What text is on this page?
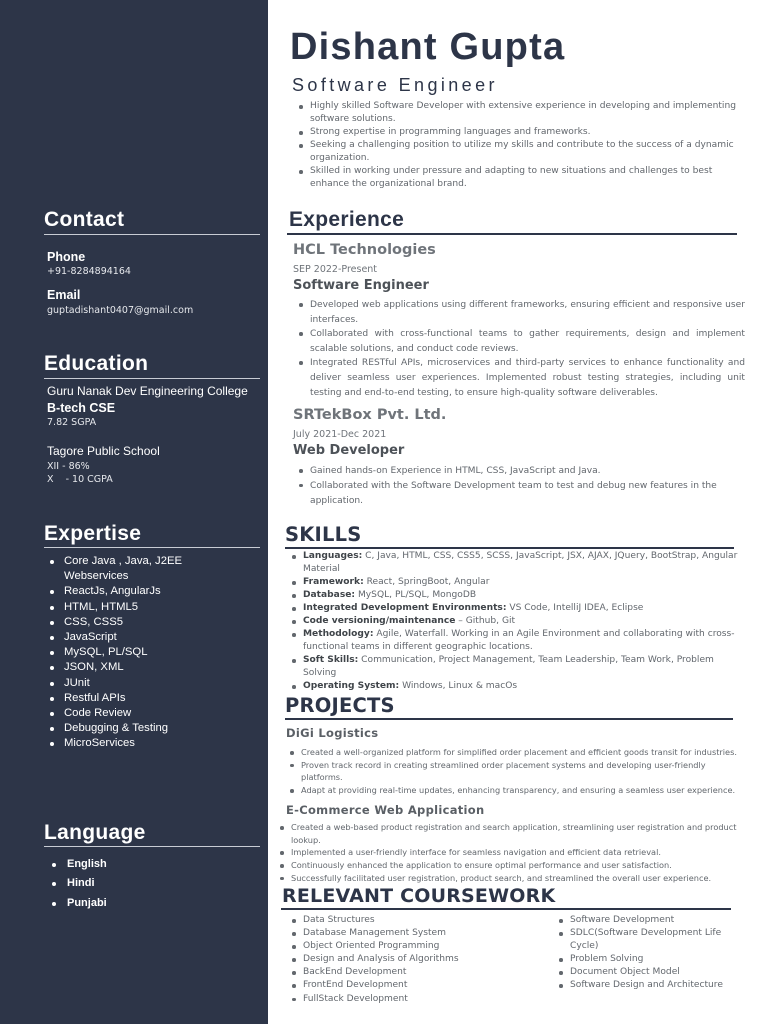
Contact
Phone
+91-8284894164
Email
guptadishant0407@gmail.com
Education
Guru Nanak Dev Engineering College
B-tech CSE
7.82 SGPA
Tagore Public School
XII - 86%
X    - 10 CGPA
Expertise
Core Java , Java, J2EE Webservices
ReactJs, AngularJs
HTML, HTML5
CSS, CSS5
JavaScript
MySQL, PL/SQL
JSON, XML
JUnit
Restful APIs
Code Review
Debugging & Testing
MicroServices
Language
English
Hindi
Punjabi
Dishant Gupta
Software Engineer
Highly skilled Software Developer with extensive experience in developing and implementing software solutions.
Strong expertise in programming languages and frameworks.
Seeking a challenging position to utilize my skills and contribute to the success of a dynamic organization.
Skilled in working under pressure and adapting to new situations and challenges to best enhance the organizational brand.
Experience
HCL Technologies
SEP 2022-Present
Software Engineer
Developed web applications using different frameworks, ensuring efficient and responsive user interfaces.
Collaborated with cross-functional teams to gather requirements, design and implement scalable solutions, and conduct code reviews.
Integrated RESTful APIs, microservices and third-party services to enhance functionality and deliver seamless user experiences. Implemented robust testing strategies, including unit testing and end-to-end testing, to ensure high-quality software deliverables.
SRTekBox Pvt. Ltd.
July 2021-Dec 2021
Web Developer
Gained hands-on Experience in HTML, CSS, JavaScript and Java.
Collaborated with the Software Development team to test and debug new features in the application.
SKILLS
Languages: C, Java, HTML, CSS, CSS5, SCSS, JavaScript, JSX, AJAX, JQuery, BootStrap, Angular Material
Framework: React, SpringBoot, Angular
Database: MySQL, PL/SQL, MongoDB
Integrated Development Environments: VS Code, IntelliJ IDEA, Eclipse
Code versioning/maintenance – Github, Git
Methodology: Agile, Waterfall. Working in an Agile Environment and collaborating with cross-functional teams in different geographic locations.
Soft Skills: Communication, Project Management, Team Leadership, Team Work, Problem Solving
Operating System: Windows, Linux & macOs
PROJECTS
DiGi Logistics
Created a well-organized platform for simplified order placement and efficient goods transit for industries.
Proven track record in creating streamlined order placement systems and developing user-friendly platforms.
Adapt at providing real-time updates, enhancing transparency, and ensuring a seamless user experience.
E-Commerce Web Application
Created a web-based product registration and search application, streamlining user registration and product lookup.
Implemented a user-friendly interface for seamless navigation and efficient data retrieval.
Continuously enhanced the application to ensure optimal performance and user satisfaction.
Successfully facilitated user registration, product search, and streamlined the overall user experience.
RELEVANT COURSEWORK
Data Structures
Database Management System
Object Oriented Programming
Design and Analysis of Algorithms
BackEnd Development
FrontEnd Development
FullStack Development
Software Development
SDLC(Software Development Life Cycle)
Problem Solving
Document Object Model
Software Design and Architecture
